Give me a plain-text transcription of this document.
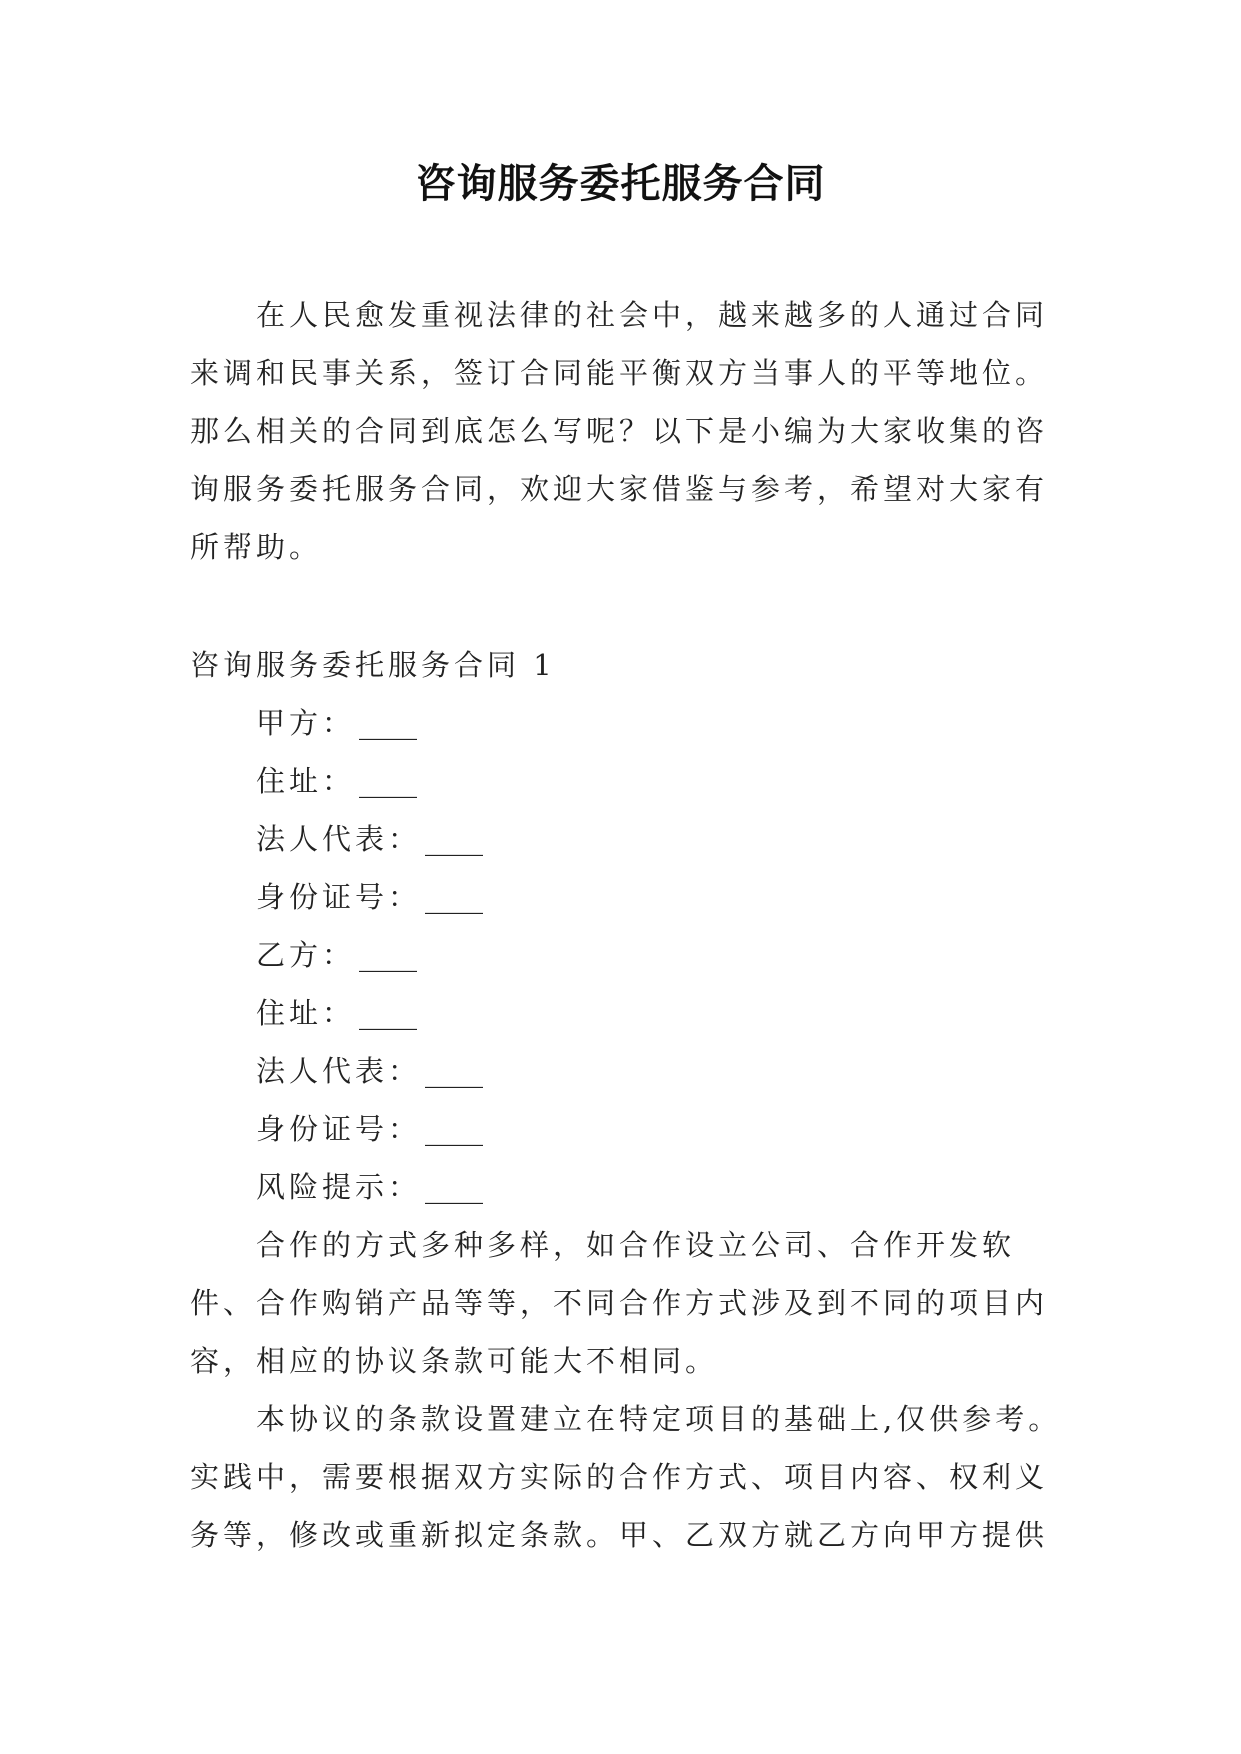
咨询服务委托服务合同

在人民愈发重视法律的社会中，越来越多的人通过合同来调和民事关系，签订合同能平衡双方当事人的平等地位。那么相关的合同到底怎么写呢？以下是小编为大家收集的咨询服务委托服务合同，欢迎大家借鉴与参考，希望对大家有所帮助。

咨询服务委托服务合同 1

甲方： ____
住址： ____
法人代表： ____
身份证号： ____
乙方： ____
住址： ____
法人代表： ____
身份证号： ____
风险提示： ____

合作的方式多种多样，如合作设立公司、合作开发软件、合作购销产品等等，不同合作方式涉及到不同的项目内容，相应的协议条款可能大不相同。

本协议的条款设置建立在特定项目的基础上,仅供参考。实践中，需要根据双方实际的合作方式、项目内容、权利义务等，修改或重新拟定条款。甲、乙双方就乙方向甲方提供
